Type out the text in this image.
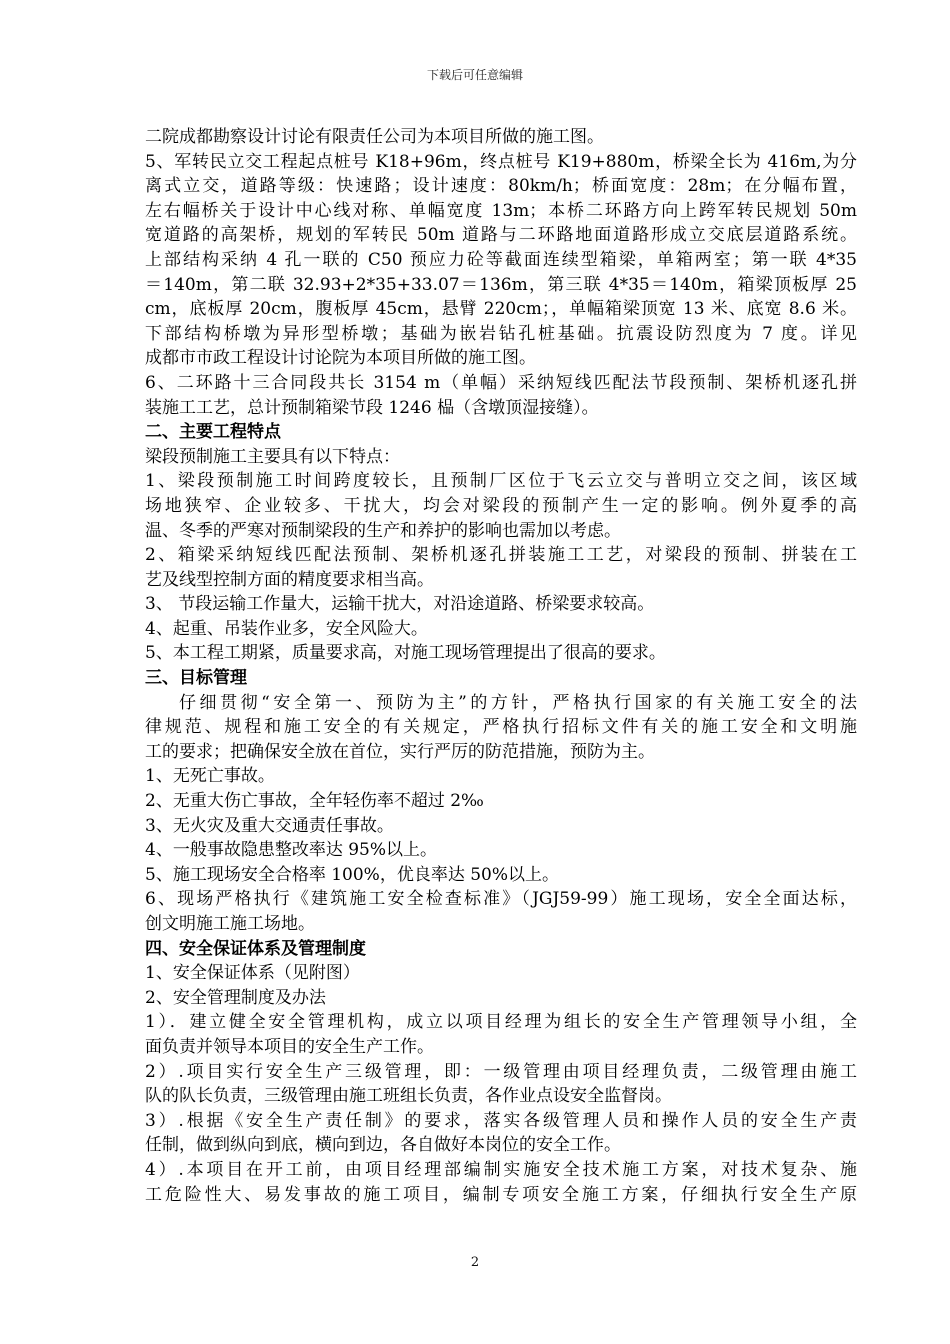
下载后可任意编辑
二院成都勘察设计讨论有限责任公司为本项目所做的施工图。
5、军转民立交工程起点桩号 K18+96m，终点桩号 K19+880m，桥梁全长为 416m,为分
离式立交，道路等级：快速路；设计速度：80km/h；桥面宽度：28m；在分幅布置，
左右幅桥关于设计中心线对称、单幅宽度 13m；本桥二环路方向上跨军转民规划 50m
宽道路的高架桥，规划的军转民 50m 道路与二环路地面道路形成立交底层道路系统。
上部结构采纳 4 孔一联的 C50 预应力砼等截面连续型箱梁，单箱两室；第一联 4*35
＝140m，第二联 32.93+2*35+33.07＝136m，第三联 4*35＝140m，箱梁顶板厚 25
cm，底板厚 20cm，腹板厚 45cm，悬臂 220cm；，单幅箱梁顶宽 13 米、底宽 8.6 米。
下部结构桥墩为异形型桥墩；基础为嵌岩钻孔桩基础。抗震设防烈度为 7 度。详见
成都市市政工程设计讨论院为本项目所做的施工图。
6、二环路十三合同段共长 3154 m（单幅）采纳短线匹配法节段预制、架桥机逐孔拼
装施工工艺，总计预制箱梁节段 1246 榀（含墩顶湿接缝）。
二、主要工程特点
梁段预制施工主要具有以下特点：
1、梁段预制施工时间跨度较长，且预制厂区位于飞云立交与普明立交之间，该区域
场地狭窄、企业较多、干扰大，均会对梁段的预制产生一定的影响。例外夏季的高
温、冬季的严寒对预制梁段的生产和养护的影响也需加以考虑。
2、箱梁采纳短线匹配法预制、架桥机逐孔拼装施工工艺，对梁段的预制、拼装在工
艺及线型控制方面的精度要求相当高。
3、 节段运输工作量大，运输干扰大，对沿途道路、桥梁要求较高。
4、起重、吊装作业多，安全风险大。
5、本工程工期紧，质量要求高，对施工现场管理提出了很高的要求。
三、目标管理
仔细贯彻“安全第一、预防为主”的方针，严格执行国家的有关施工安全的法
律规范、规程和施工安全的有关规定，严格执行招标文件有关的施工安全和文明施
工的要求；把确保安全放在首位，实行严厉的防范措施，预防为主。
1、无死亡事故。
2、无重大伤亡事故，全年轻伤率不超过 2‰
3、无火灾及重大交通责任事故。
4、一般事故隐患整改率达 95%以上。
5、施工现场安全合格率 100%，优良率达 50%以上。
6、现场严格执行《建筑施工安全检查标准》（JGJ59-99）施工现场，安全全面达标，
创文明施工施工场地。
四、安全保证体系及管理制度
1、安全保证体系（见附图）
2、安全管理制度及办法
1）．建立健全安全管理机构，成立以项目经理为组长的安全生产管理领导小组，全
面负责并领导本项目的安全生产工作。
2）.项目实行安全生产三级管理，即：一级管理由项目经理负责，二级管理由施工
队的队长负责，三级管理由施工班组长负责，各作业点设安全监督岗。
3）.根据《安全生产责任制》的要求，落实各级管理人员和操作人员的安全生产责
任制，做到纵向到底，横向到边，各自做好本岗位的安全工作。
4）.本项目在开工前，由项目经理部编制实施安全技术施工方案，对技术复杂、施
工危险性大、易发事故的施工项目，编制专项安全施工方案，仔细执行安全生产原
2
